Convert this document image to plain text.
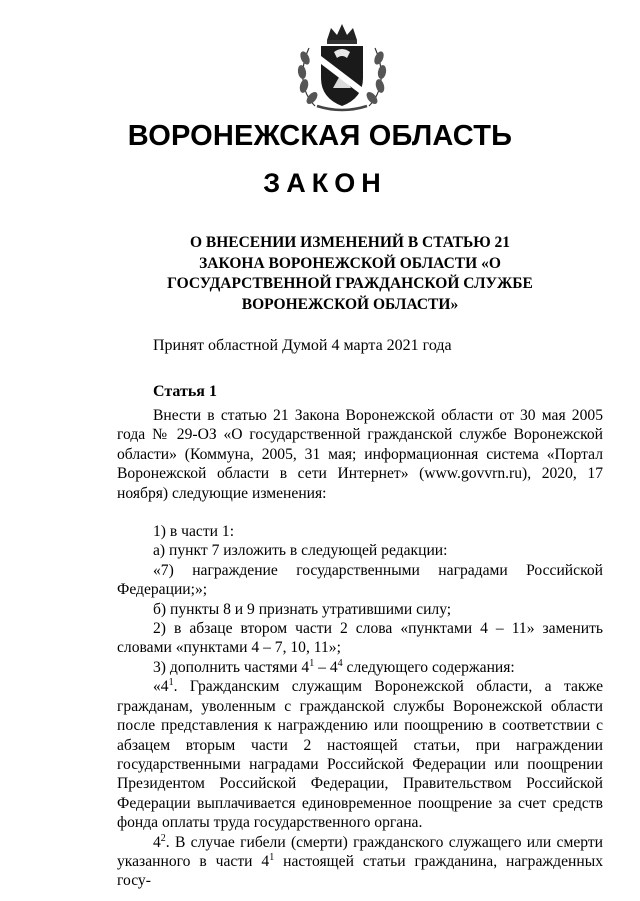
ВОРОНЕЖСКАЯ ОБЛАСТЬ
ЗАКОН
О ВНЕСЕНИИ ИЗМЕНЕНИЙ В СТАТЬЮ 21
ЗАКОНА ВОРОНЕЖСКОЙ ОБЛАСТИ «О
ГОСУДАРСТВЕННОЙ ГРАЖДАНСКОЙ СЛУЖБЕ
ВОРОНЕЖСКОЙ ОБЛАСТИ»
Принят областной Думой 4 марта 2021 года
Статья 1

Внести в статью 21 Закона Воронежской области от 30 мая 2005 года № 29-ОЗ «О государственной гражданской службе Воронежской области» (Коммуна, 2005, 31 мая; информационная система «Портал Воронежской области в сети Интернет» (www.govvrn.ru), 2020, 17 ноября) следующие изменения:

1) в части 1:

а) пункт 7 изложить в следующей редакции:

«7) награждение государственными наградами Российской Федерации;»;

б) пункты 8 и 9 признать утратившими силу;

2) в абзаце втором части 2 слова «пунктами 4 – 11» заменить словами «пунктами 4 – 7, 10, 11»;

3) дополнить частями $4^1 - 4^4$ следующего содержания:

«$4^1$. Гражданским служащим Воронежской области, а также гражданам, уволенным с гражданской службы Воронежской области после представления к награждению или поощрению в соответствии с абзацем вторым части 2 настоящей статьи, при награждении государственными наградами Российской Федерации или поощрении Президентом Российской Федерации, Правительством Российской Федерации выплачивается единовременное поощрение за счет средств фонда оплаты труда государственного органа.

$4^2$. В случае гибели (смерти) гражданского служащего или смерти указанного в части $4^1$ настоящей статьи гражданина, награжденных госу-
